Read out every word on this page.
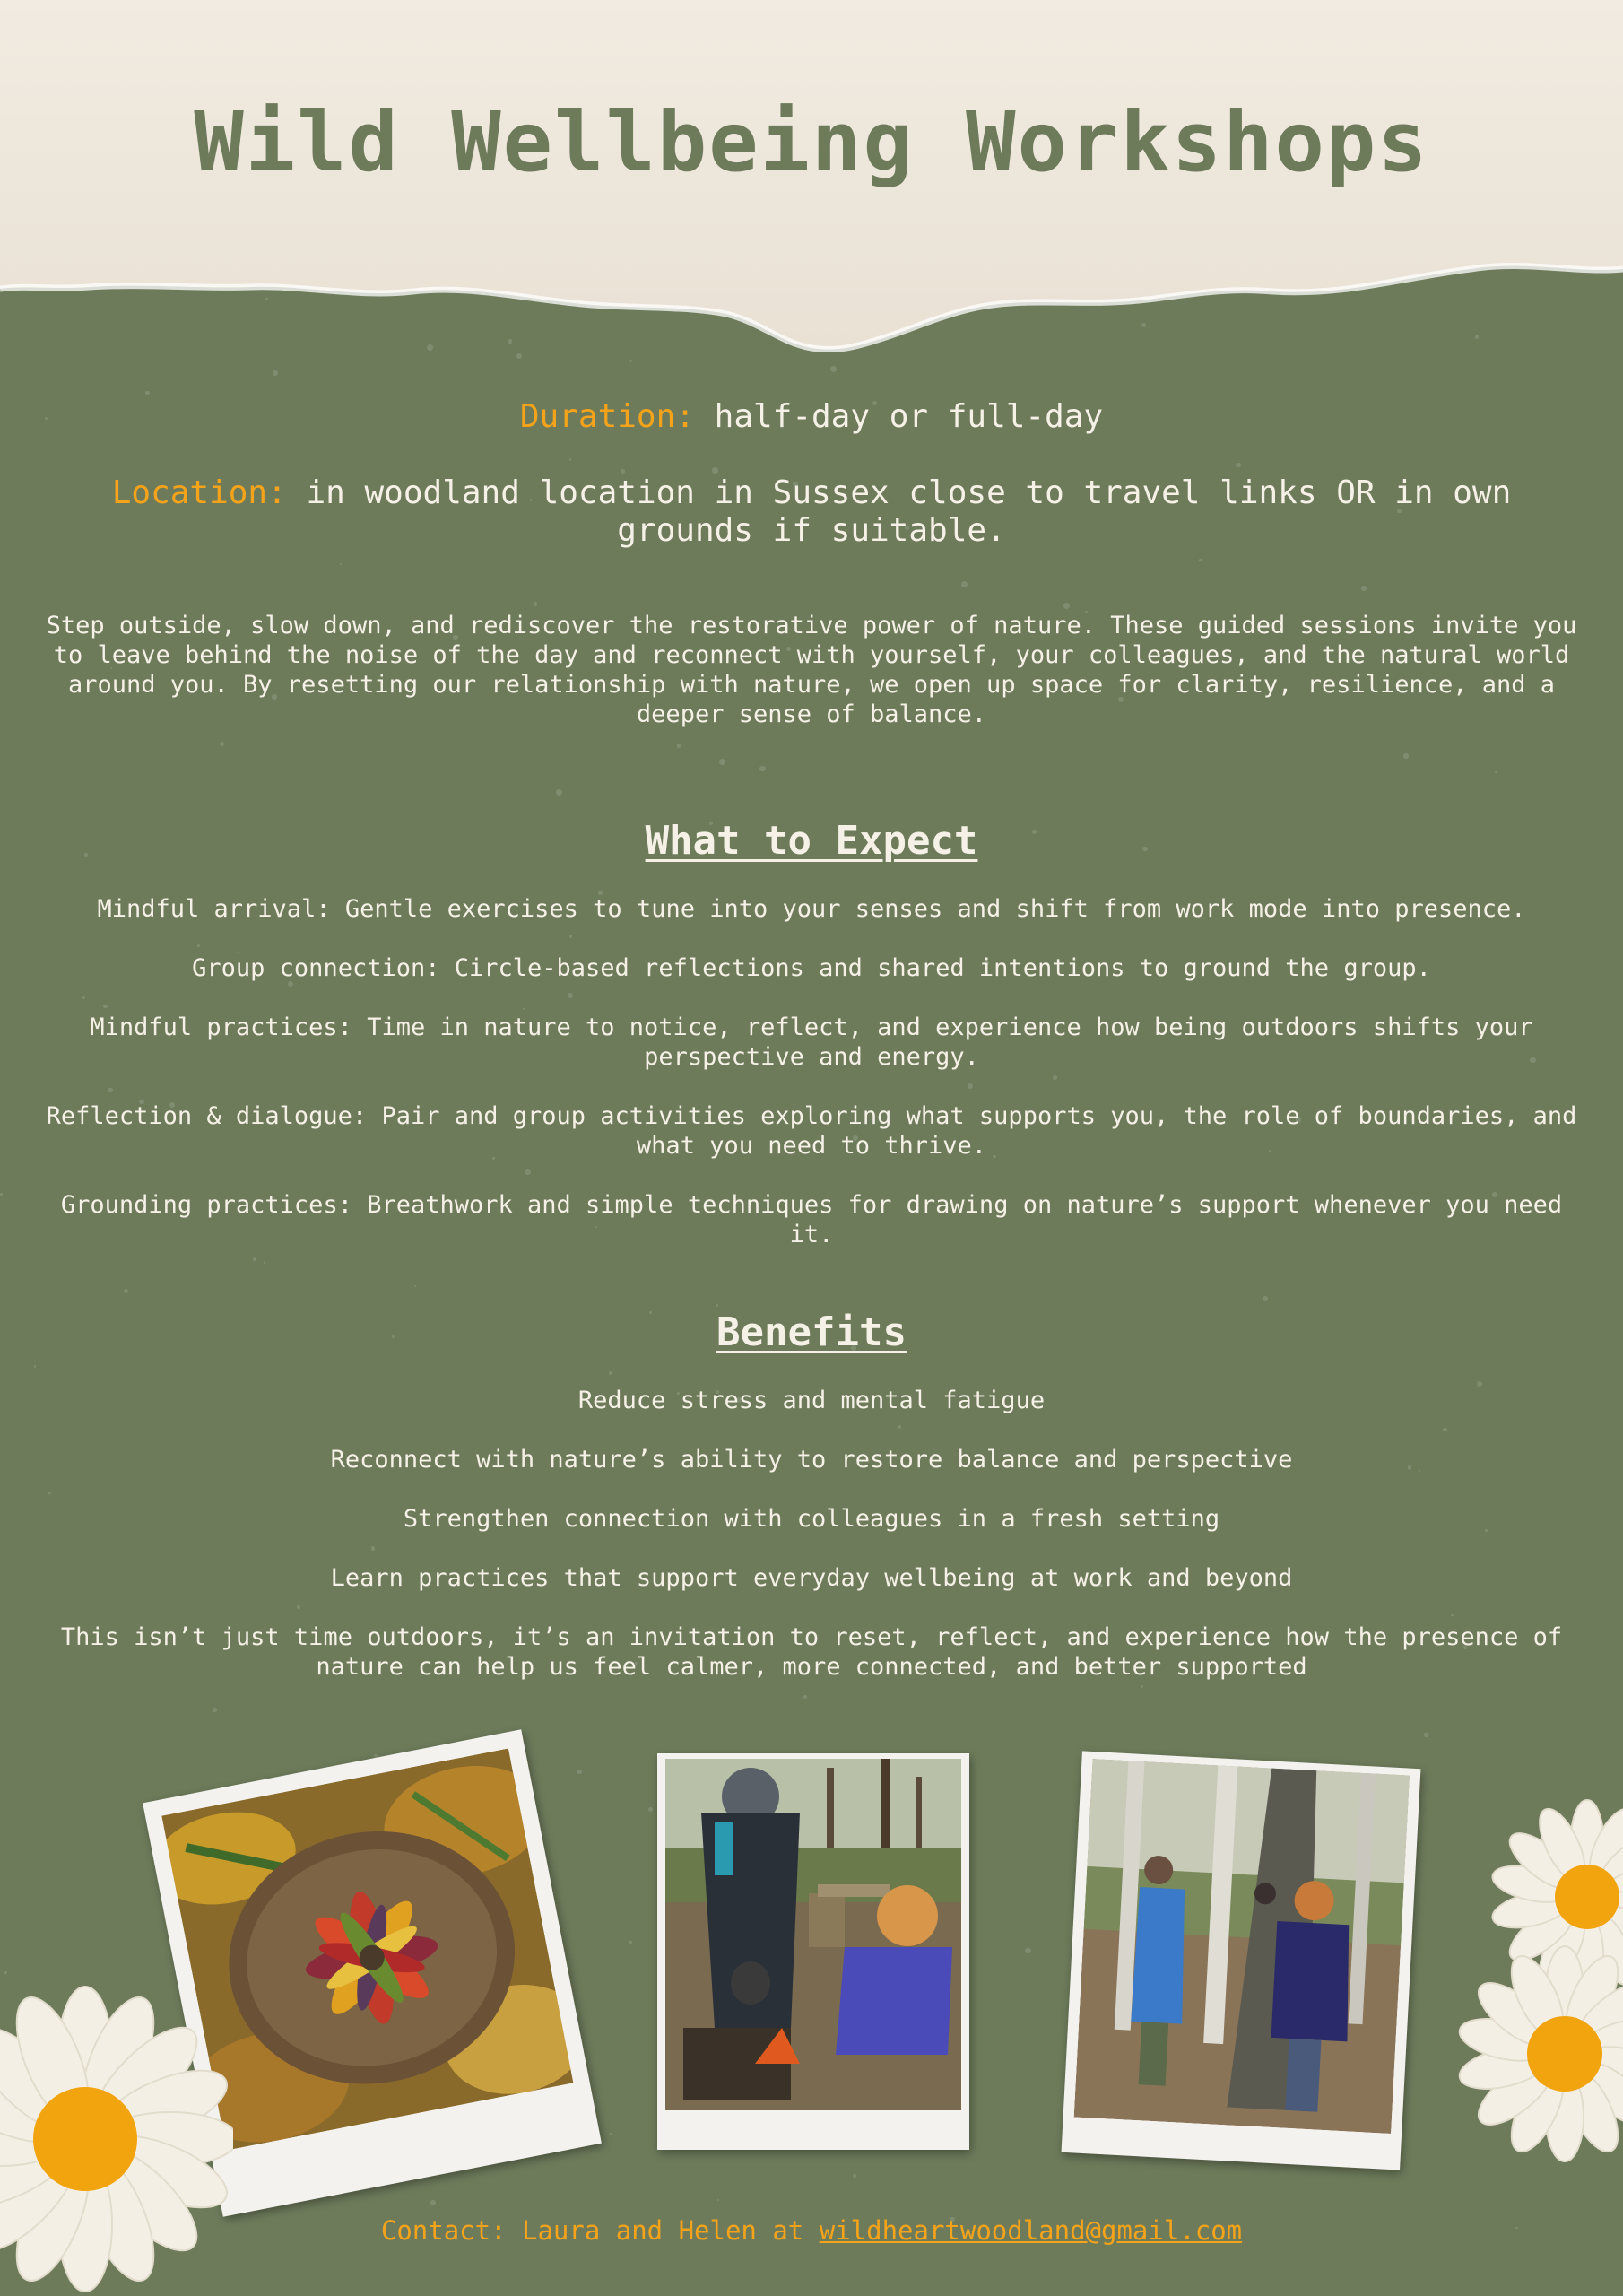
Wild Wellbeing Workshops
Duration: half-day or full-day
Location: in woodland location in Sussex close to travel links OR in own grounds if suitable.

Step outside, slow down, and rediscover the restorative power of nature. These guided sessions invite you to leave behind the noise of the day and reconnect with yourself, your colleagues, and the natural world around you. By resetting our relationship with nature, we open up space for clarity, resilience, and a deeper sense of balance.

What to Expect

Mindful arrival: Gentle exercises to tune into your senses and shift from work mode into presence.

Group connection: Circle-based reflections and shared intentions to ground the group.

Mindful practices: Time in nature to notice, reflect, and experience how being outdoors shifts your perspective and energy.

Reflection & dialogue: Pair and group activities exploring what supports you, the role of boundaries, and what you need to thrive.

Grounding practices: Breathwork and simple techniques for drawing on nature’s support whenever you need it.

Benefits

Reduce stress and mental fatigue

Reconnect with nature’s ability to restore balance and perspective

Strengthen connection with colleagues in a fresh setting

Learn practices that support everyday wellbeing at work and beyond

This isn’t just time outdoors, it’s an invitation to reset, reflect, and experience how the presence of nature can help us feel calmer, more connected, and better supported

Contact: Laura and Helen at wildheartwoodland@gmail.com
